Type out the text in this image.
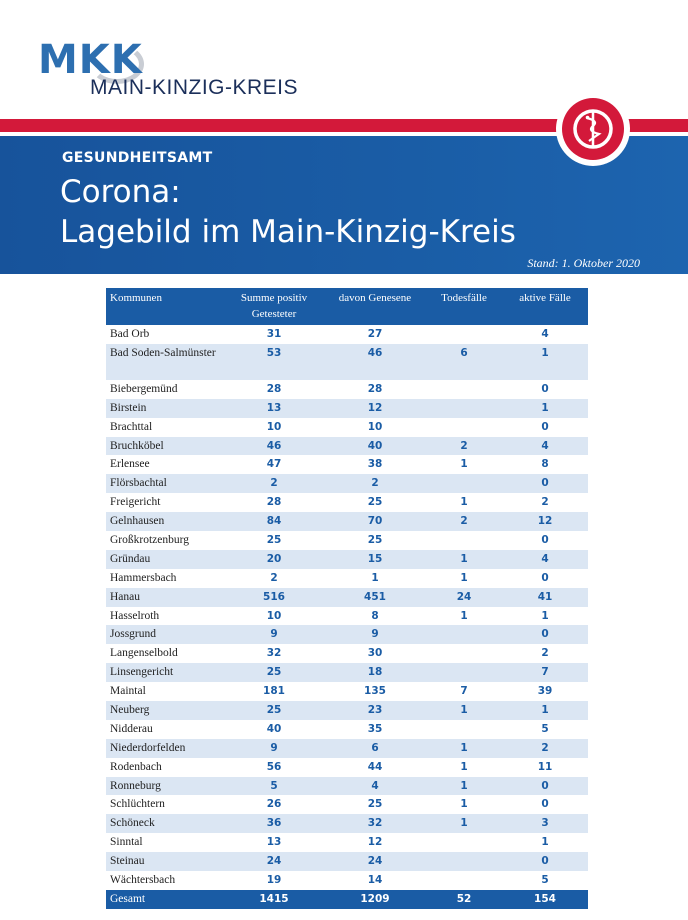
MKK
MAIN-KINZIG-KREIS
GESUNDHEITSAMT
Corona:
Lagebild im Main-Kinzig-Kreis
Stand: 1. Oktober 2020
Kommunen	Summe positiv Getesteter	davon Genesene	Todesfälle	aktive Fälle
Bad Orb	31	27		4
Bad Soden-Salmünster	53	46	6	1
Biebergemünd	28	28		0
Birstein	13	12		1
Brachttal	10	10		0
Bruchköbel	46	40	2	4
Erlensee	47	38	1	8
Flörsbachtal	2	2		0
Freigericht	28	25	1	2
Gelnhausen	84	70	2	12
Großkrotzenburg	25	25		0
Gründau	20	15	1	4
Hammersbach	2	1	1	0
Hanau	516	451	24	41
Hasselroth	10	8	1	1
Jossgrund	9	9		0
Langenselbold	32	30		2
Linsengericht	25	18		7
Maintal	181	135	7	39
Neuberg	25	23	1	1
Nidderau	40	35		5
Niederdorfelden	9	6	1	2
Rodenbach	56	44	1	11
Ronneburg	5	4	1	0
Schlüchtern	26	25	1	0
Schöneck	36	32	1	3
Sinntal	13	12		1
Steinau	24	24		0
Wächtersbach	19	14		5
Gesamt	1415	1209	52	154
